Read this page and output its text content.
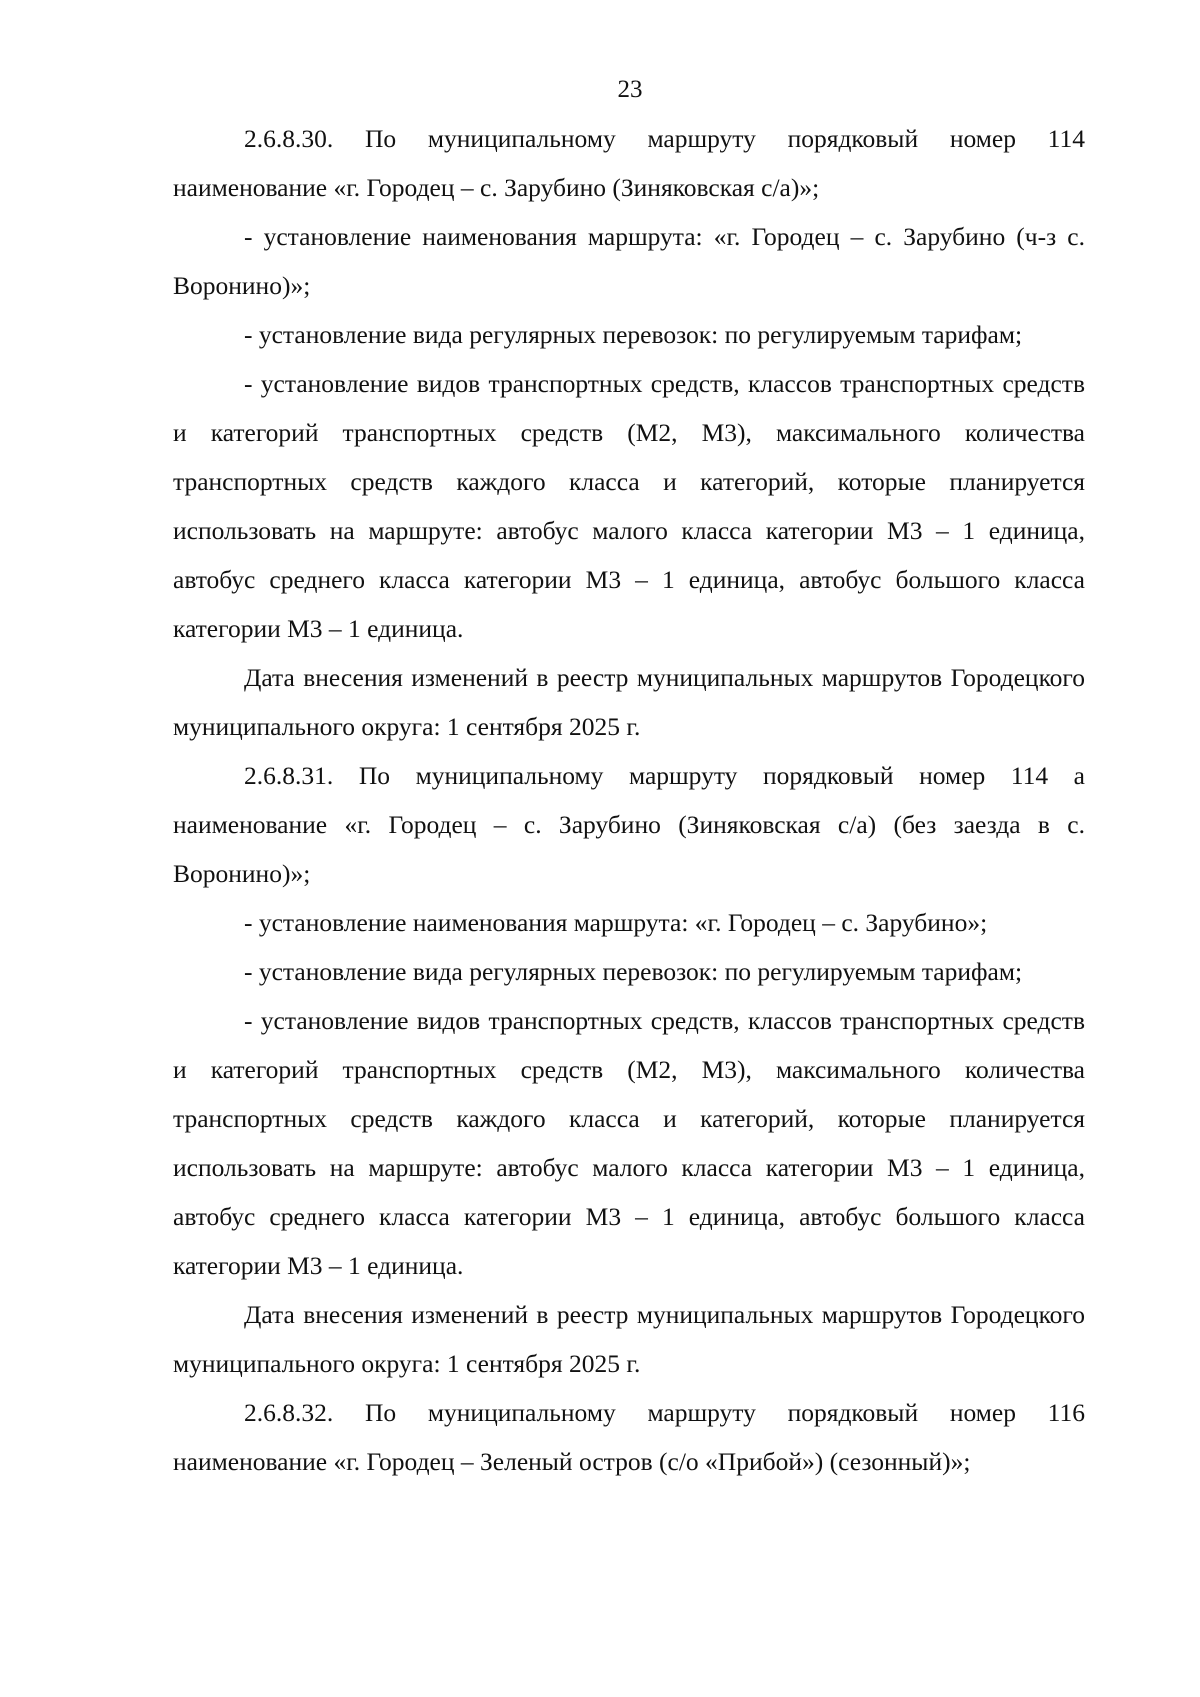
23

2.6.8.30. По муниципальному маршруту порядковый номер 114 наименование «г. Городец – с. Зарубино (Зиняковская с/а)»;

- установление наименования маршрута: «г. Городец – с. Зарубино (ч-з с. Воронино)»;

- установление вида регулярных перевозок: по регулируемым тарифам;

- установление видов транспортных средств, классов транспортных средств и категорий транспортных средств (М2, М3), максимального количества транспортных средств каждого класса и категорий, которые планируется использовать на маршруте: автобус малого класса категории М3 – 1 единица, автобус среднего класса категории М3 – 1 единица, автобус большого класса категории М3 – 1 единица.

Дата внесения изменений в реестр муниципальных маршрутов Городецкого муниципального округа: 1 сентября 2025 г.

2.6.8.31. По муниципальному маршруту порядковый номер 114 а наименование «г. Городец – с. Зарубино (Зиняковская с/а) (без заезда в с. Воронино)»;

- установление наименования маршрута: «г. Городец – с. Зарубино»;

- установление вида регулярных перевозок: по регулируемым тарифам;

- установление видов транспортных средств, классов транспортных средств и категорий транспортных средств (М2, М3), максимального количества транспортных средств каждого класса и категорий, которые планируется использовать на маршруте: автобус малого класса категории М3 – 1 единица, автобус среднего класса категории М3 – 1 единица, автобус большого класса категории М3 – 1 единица.

Дата внесения изменений в реестр муниципальных маршрутов Городецкого муниципального округа: 1 сентября 2025 г.

2.6.8.32. По муниципальному маршруту порядковый номер 116 наименование «г. Городец – Зеленый остров (с/о «Прибой») (сезонный)»;
